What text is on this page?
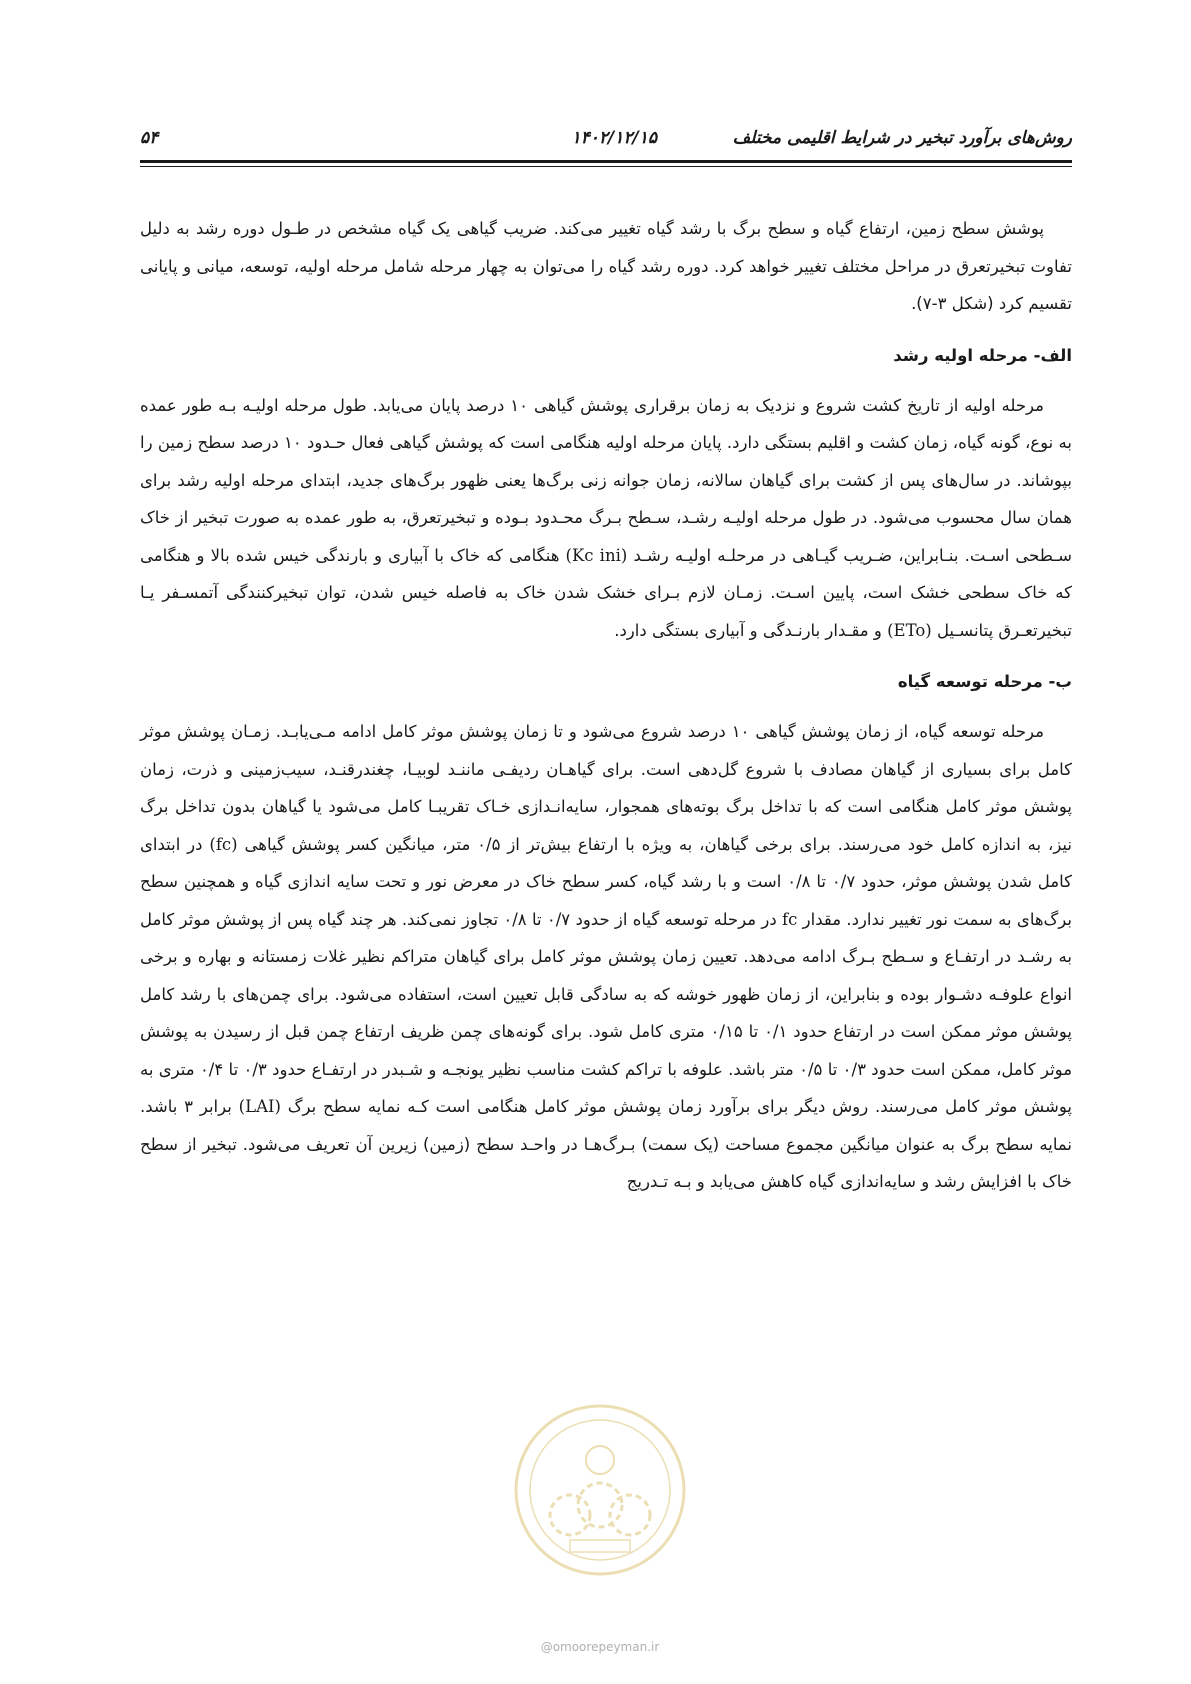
روش‌های برآورد تبخیر در شرایط اقلیمی مختلف
۱۴۰۲/۱۲/۱۵
۵۴

پوشش سطح زمین، ارتفاع گیاه و سطح برگ با رشد گیاه تغییر می‌کند. ضریب گیاهی یک گیاه مشخص در طـول دوره رشد به دلیل تفاوت تبخیرتعرق در مراحل مختلف تغییر خواهد کرد. دوره رشد گیاه را می‌توان به چهار مرحله شامل مرحله اولیه، توسعه، میانی و پایانی تقسیم کرد (شکل ۳-۷).

الف- مرحله اولیه رشد

مرحله اولیه از تاریخ کشت شروع و نزدیک به زمان برقراری پوشش گیاهی ۱۰ درصد پایان می‌یابد. طول مرحله اولیـه بـه طور عمده به نوع، گونه گیاه، زمان کشت و اقلیم بستگی دارد. پایان مرحله اولیه هنگامی است که پوشش گیاهی فعال حـدود ۱۰ درصد سطح زمین را بپوشاند. در سال‌های پس از کشت برای گیاهان سالانه، زمان جوانه زنی برگ‌ها یعنی ظهور برگ‌های جدید، ابتدای مرحله اولیه رشد برای همان سال محسوب می‌شود. در طول مرحله اولیـه رشـد، سـطح بـرگ محـدود بـوده و تبخیرتعرق، به طور عمده به صورت تبخیر از خاک سـطحی اسـت. بنـابراین، ضـریب گیـاهی در مرحلـه اولیـه رشـد (Kc ini) هنگامی که خاک با آبیاری و بارندگی خیس شده بالا و هنگامی که خاک سطحی خشک است، پایین اسـت. زمـان لازم بـرای خشک شدن خاک به فاصله خیس شدن، توان تبخیرکنندگی آتمسـفر یـا تبخیرتعـرق پتانسـیل (ETo) و مقـدار بارنـدگی و آبیاری بستگی دارد.

ب- مرحله توسعه گیاه

مرحله توسعه گیاه، از زمان پوشش گیاهی ۱۰ درصد شروع می‌شود و تا زمان پوشش موثر کامل ادامه مـی‌یابـد. زمـان پوشش موثر کامل برای بسیاری از گیاهان مصادف با شروع گل‌دهی است. برای گیاهـان ردیفـی ماننـد لوبیـا، چغندرقنـد، سیب‌زمینی و ذرت، زمان پوشش موثر کامل هنگامی است که با تداخل برگ بوته‌های همجوار، سایه‌انـدازی خـاک تقریبـا کامل می‌شود یا گیاهان بدون تداخل برگ نیز، به اندازه کامل خود می‌رسند. برای برخی گیاهان، به ویژه با ارتفاع بیش‌تر از ۰/۵ متر، میانگین کسر پوشش گیاهی (fc) در ابتدای کامل شدن پوشش موثر، حدود ۰/۷ تا ۰/۸ است و با رشد گیاه، کسر سطح خاک در معرض نور و تحت سایه اندازی گیاه و همچنین سطح برگ‌های به سمت نور تغییر ندارد. مقدار fc در مرحله توسعه گیاه از حدود ۰/۷ تا ۰/۸ تجاوز نمی‌کند. هر چند گیاه پس از پوشش موثر کامل به رشـد در ارتفـاع و سـطح بـرگ ادامه می‌دهد. تعیین زمان پوشش موثر کامل برای گیاهان متراکم نظیر غلات زمستانه و بهاره و برخی انواع علوفـه دشـوار بوده و بنابراین، از زمان ظهور خوشه که به سادگی قابل تعیین است، استفاده می‌شود. برای چمن‌های با رشد کامل پوشش موثر ممکن است در ارتفاع حدود ۰/۱ تا ۰/۱۵ متری کامل شود. برای گونه‌های چمن ظریف ارتفاع چمن قبل از رسیدن به پوشش موثر کامل، ممکن است حدود ۰/۳ تا ۰/۵ متر باشد. علوفه با تراکم کشت مناسب نظیر یونجـه و شـبدر در ارتفـاع حدود ۰/۳ تا ۰/۴ متری به پوشش موثر کامل می‌رسند. روش دیگر برای برآورد زمان پوشش موثر کامل هنگامی است کـه نمایه سطح برگ (LAI) برابر ۳ باشد. نمایه سطح برگ به عنوان میانگین مجموع مساحت (یک سمت) بـرگ‌هـا در واحـد سطح (زمین) زیرین آن تعریف می‌شود. تبخیر از سطح خاک با افزایش رشد و سایه‌اندازی گیاه کاهش می‌یابد و بـه تـدریج

@omoorepeyman.ir
